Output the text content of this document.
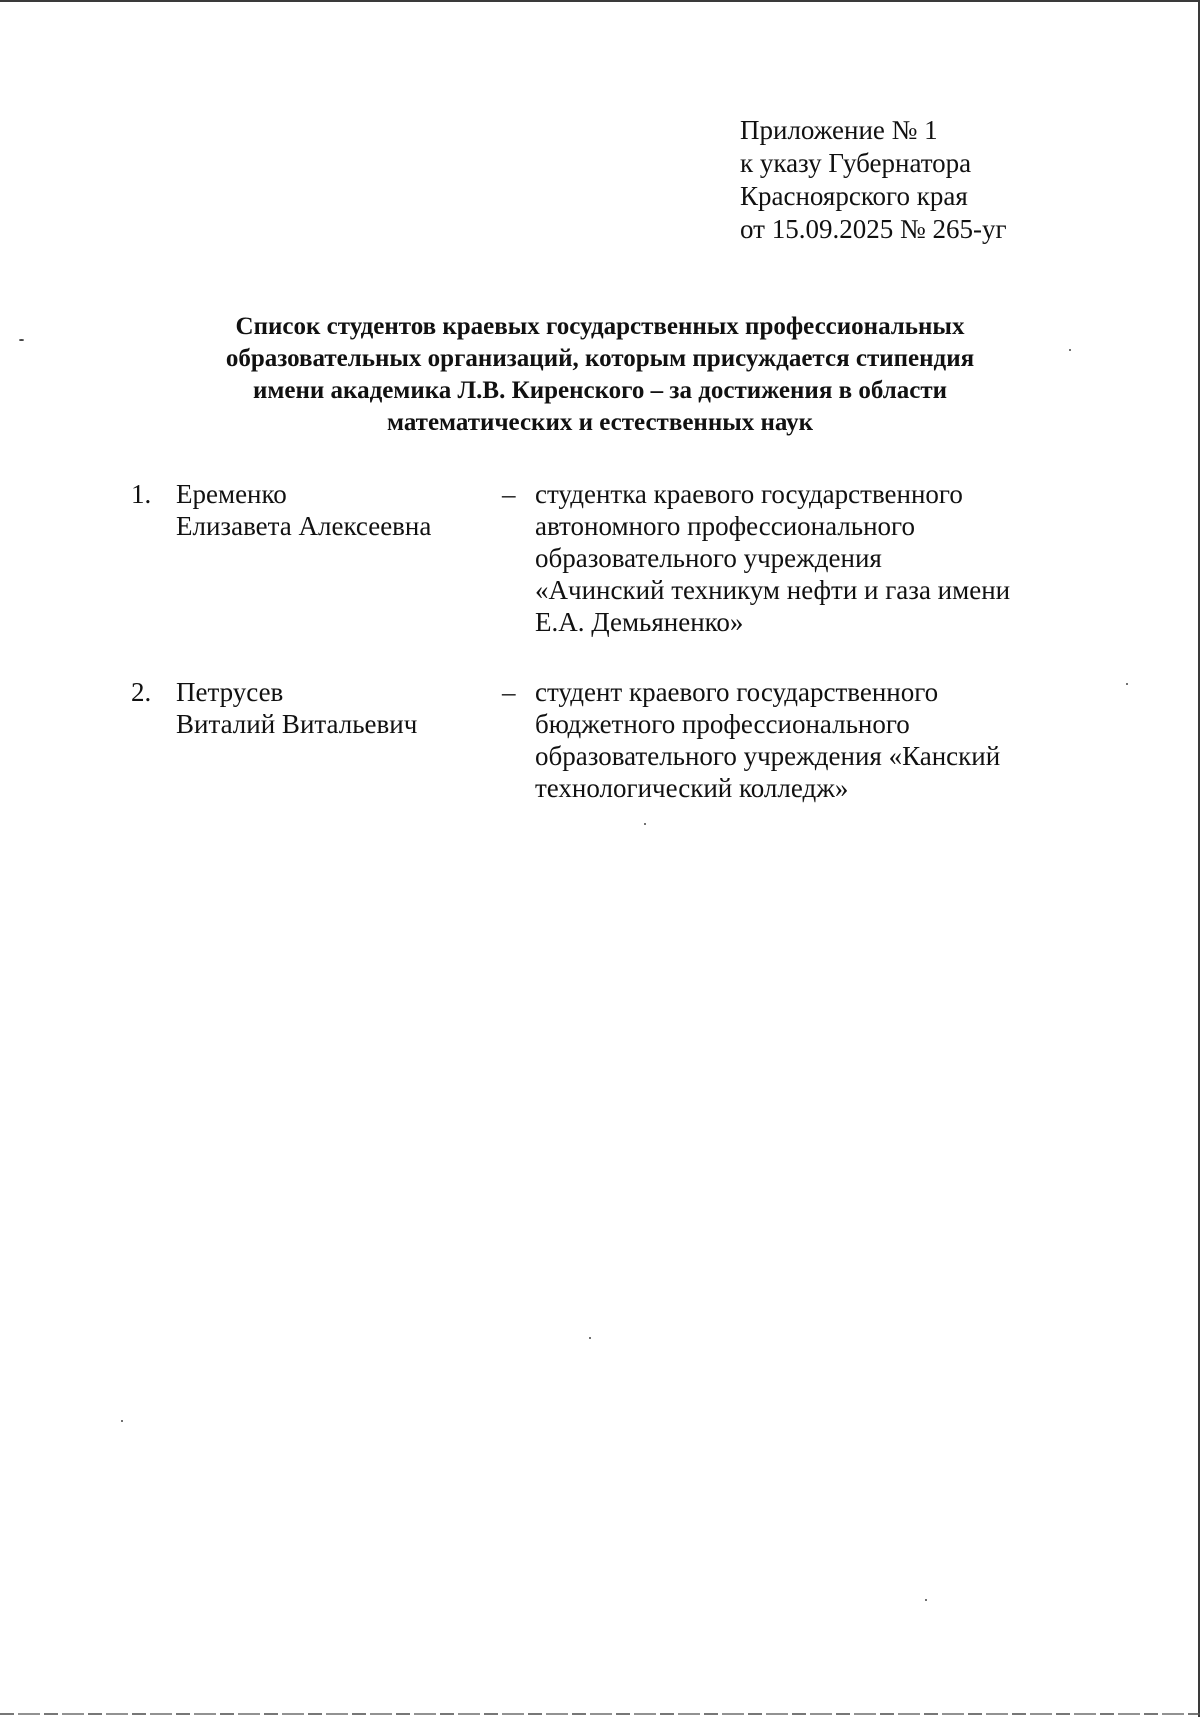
Приложение № 1
к указу Губернатора
Красноярского края
от 15.09.2025 № 265-уг
Список студентов краевых государственных профессиональных
образовательных организаций, которым присуждается стипендия
имени академика Л.В. Киренского – за достижения в области
математических и естественных наук
1. Еременко
Елизавета Алексеевна
– студентка краевого государственного
автономного профессионального
образовательного учреждения
«Ачинский техникум нефти и газа имени
Е.А. Демьяненко»
2. Петрусев
Виталий Витальевич
– студент краевого государственного
бюджетного профессионального
образовательного учреждения «Канский
технологический колледж»
